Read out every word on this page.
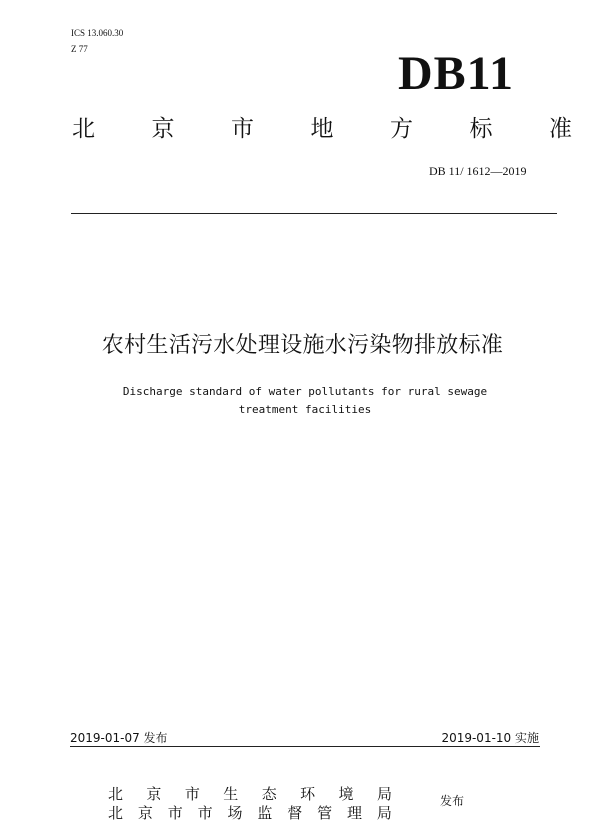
ICS 13.060.30
Z 77	DB11
北 京 市 地 方 标 准
DB 11/ 1612—2019
农村生活污水处理设施水污染物排放标准
Discharge standard of water pollutants for rural sewage
treatment facilities
2019-01-07 发布	2019-01-10 实施
北 京 市 生 态 环 境 局
北 京 市 市 场 监 督 管 理 局
发布
